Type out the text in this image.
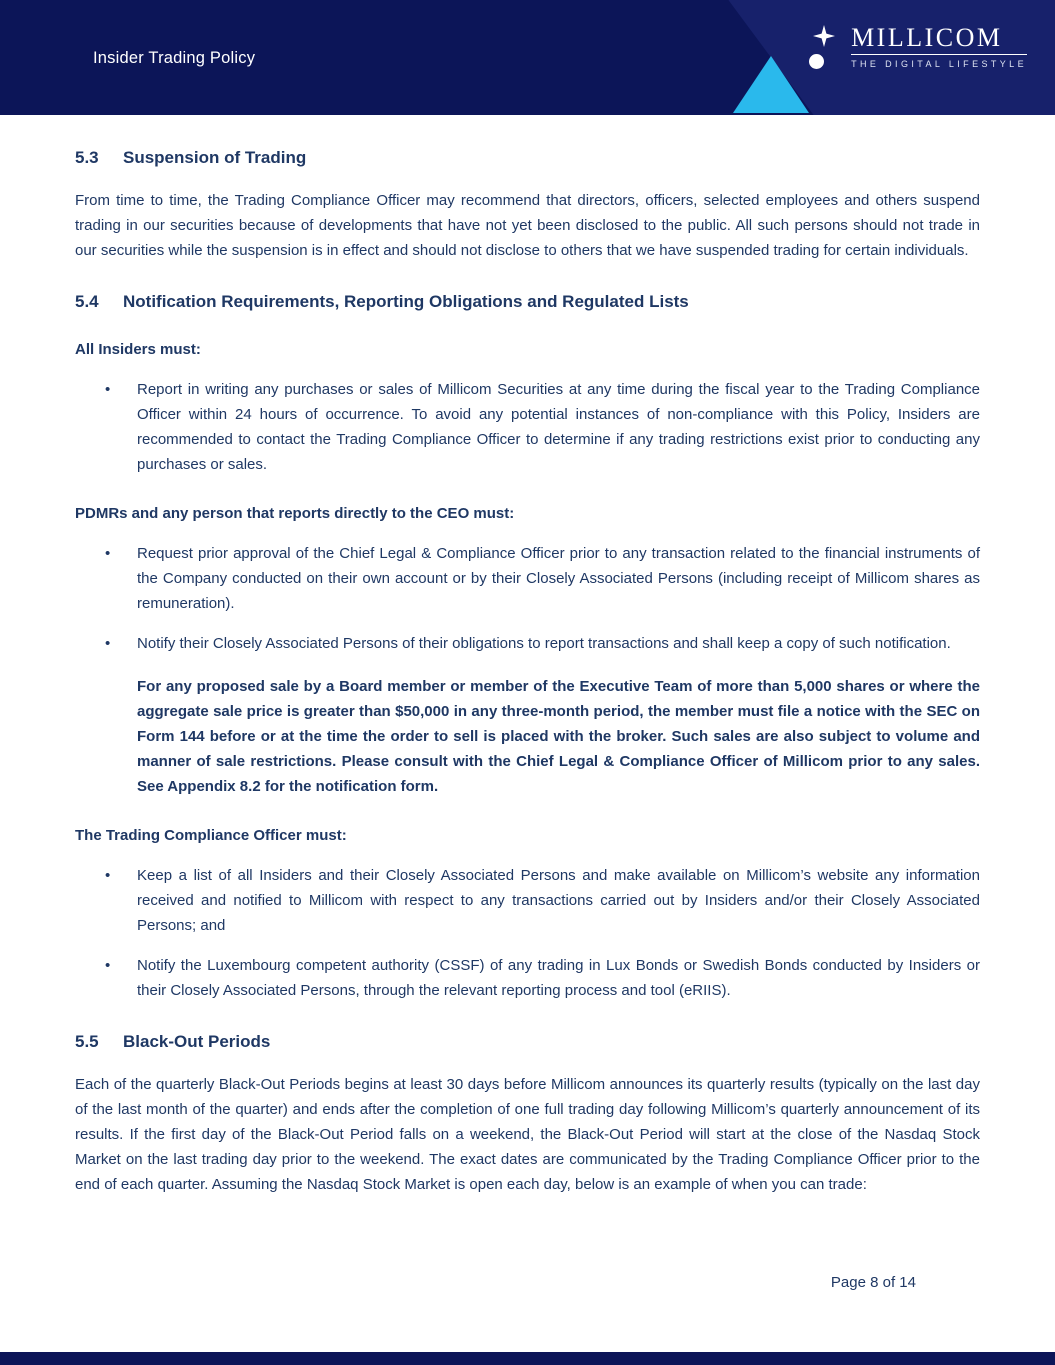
Insider Trading Policy
MILLICOM
THE DIGITAL LIFESTYLE
5.3 Suspension of Trading

From time to time, the Trading Compliance Officer may recommend that directors, officers, selected employees and others suspend trading in our securities because of developments that have not yet been disclosed to the public. All such persons should not trade in our securities while the suspension is in effect and should not disclose to others that we have suspended trading for certain individuals.

5.4 Notification Requirements, Reporting Obligations and Regulated Lists

All Insiders must:

•	Report in writing any purchases or sales of Millicom Securities at any time during the fiscal year to the Trading Compliance Officer within 24 hours of occurrence. To avoid any potential instances of non-compliance with this Policy, Insiders are recommended to contact the Trading Compliance Officer to determine if any trading restrictions exist prior to conducting any purchases or sales.

PDMRs and any person that reports directly to the CEO must:

•	Request prior approval of the Chief Legal & Compliance Officer prior to any transaction related to the financial instruments of the Company conducted on their own account or by their Closely Associated Persons (including receipt of Millicom shares as remuneration).
•	Notify their Closely Associated Persons of their obligations to report transactions and shall keep a copy of such notification.

For any proposed sale by a Board member or member of the Executive Team of more than 5,000 shares or where the aggregate sale price is greater than $50,000 in any three-month period, the member must file a notice with the SEC on Form 144 before or at the time the order to sell is placed with the broker. Such sales are also subject to volume and manner of sale restrictions. Please consult with the Chief Legal & Compliance Officer of Millicom prior to any sales. See Appendix 8.2 for the notification form.

The Trading Compliance Officer must:

•	Keep a list of all Insiders and their Closely Associated Persons and make available on Millicom’s website any information received and notified to Millicom with respect to any transactions carried out by Insiders and/or their Closely Associated Persons; and
•	Notify the Luxembourg competent authority (CSSF) of any trading in Lux Bonds or Swedish Bonds conducted by Insiders or their Closely Associated Persons, through the relevant reporting process and tool (eRIIS).
5.5 Black-Out Periods

Each of the quarterly Black-Out Periods begins at least 30 days before Millicom announces its quarterly results (typically on the last day of the last month of the quarter) and ends after the completion of one full trading day following Millicom’s quarterly announcement of its results. If the first day of the Black-Out Period falls on a weekend, the Black-Out Period will start at the close of the Nasdaq Stock Market on the last trading day prior to the weekend. The exact dates are communicated by the Trading Compliance Officer prior to the end of each quarter. Assuming the Nasdaq Stock Market is open each day, below is an example of when you can trade:

Page 8 of 14
